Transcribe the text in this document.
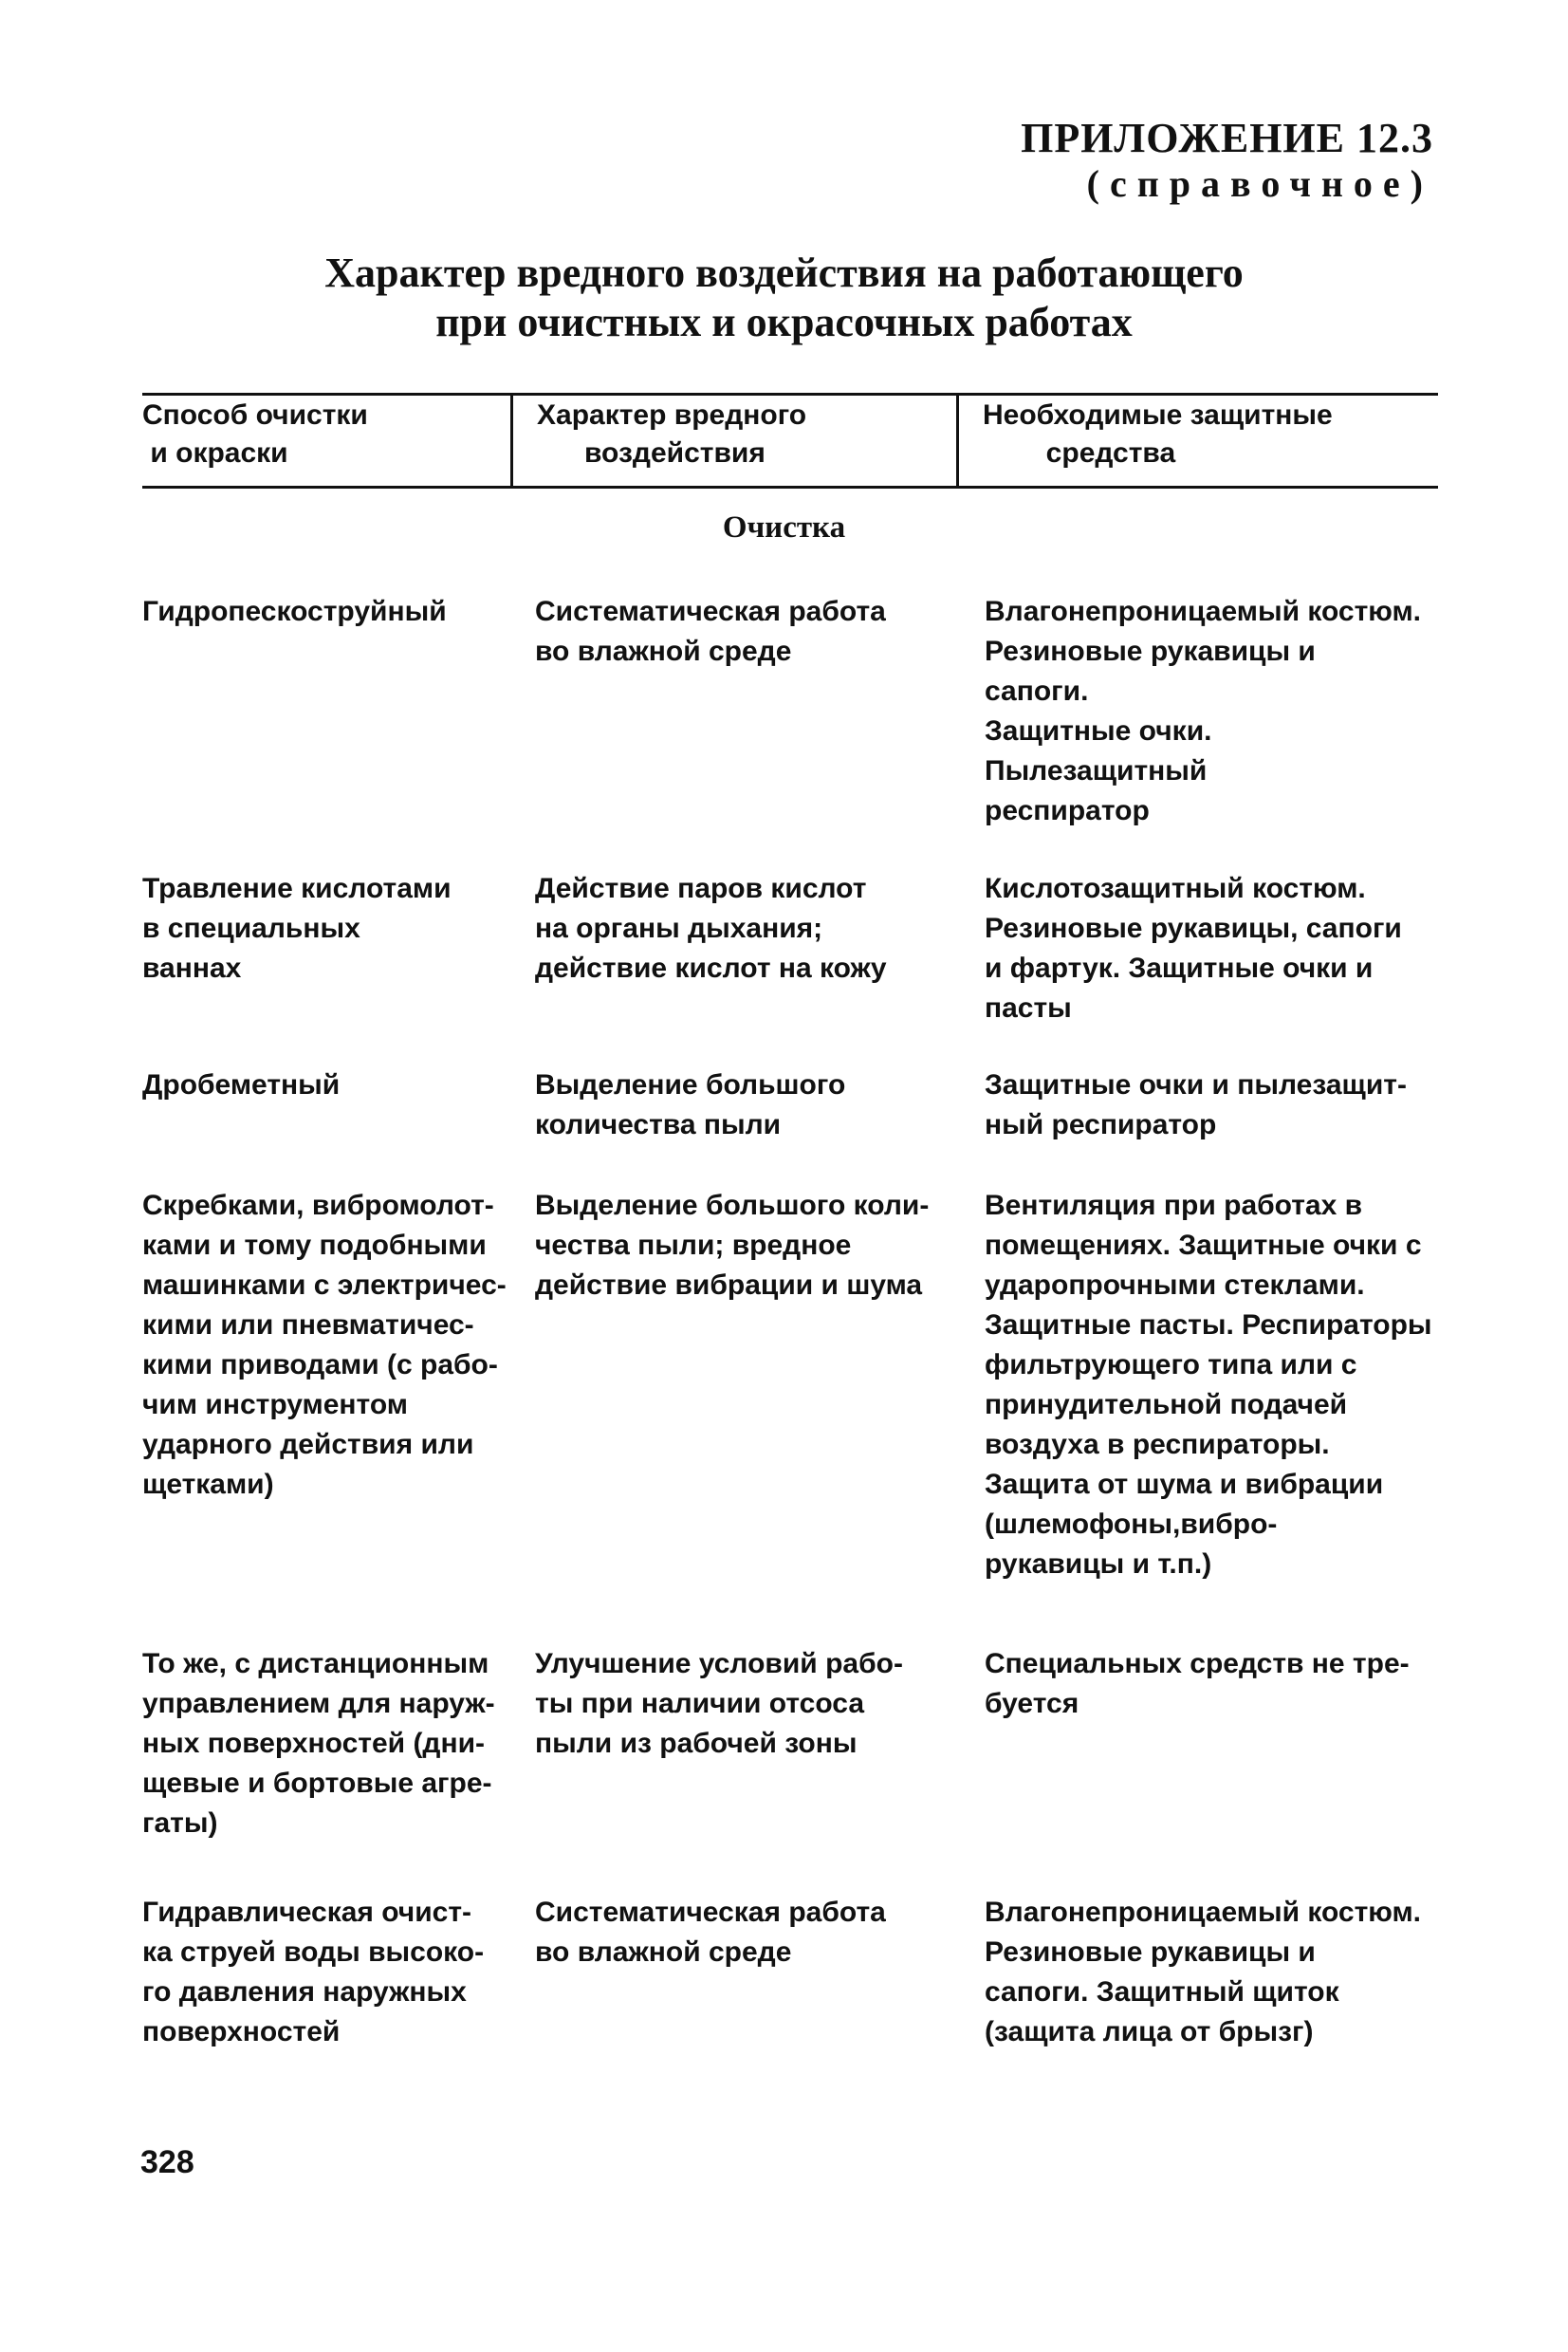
ПРИЛОЖЕНИЕ 12.3
(справочное)
Характер вредного воздействия на работающего
при очистных и окрасочных работах
Способ очистки
и окраски
Характер вредного
воздействия
Необходимые защитные
средства
Очистка
Гидропескоструйный	Систематическая работа
во влажной среде
Влагонепроницаемый костюм.
Резиновые рукавицы и
сапоги.
Защитные очки.
Пылезащитный
респиратор
Травление кислотами
в специальных
ваннах
Действие паров кислот
на органы дыхания;
действие кислот на кожу
Кислотозащитный костюм.
Резиновые рукавицы, сапоги
и фартук. Защитные очки и
пасты
Дробеметный	Выделение большого
количества пыли
Защитные очки и пылезащит-
ный респиратор
Скребками, вибромолот-
ками и тому подобными
машинками с электричес-
кими или пневматичес-
кими приводами (с рабо-
чим инструментом
ударного действия или
щетками)
Выделение большого коли-
чества пыли; вредное
действие вибрации и шума
Вентиляция при работах в
помещениях. Защитные очки с
ударопрочными стеклами.
Защитные пасты. Респираторы
фильтрующего типа или с
принудительной подачей
воздуха в респираторы.
Защита от шума и вибрации
(шлемофоны,вибро-
рукавицы и т.п.)
То же, с дистанционным
управлением для наруж-
ных поверхностей (дни-
щевые и бортовые агре-
гаты)
Улучшение условий рабо-
ты при наличии отсоса
пыли из рабочей зоны
Специальных средств не тре-
буется
Гидравлическая очист-
ка струей воды высоко-
го давления наружных
поверхностей
Систематическая работа
во влажной среде
Влагонепроницаемый костюм.
Резиновые рукавицы и
сапоги. Защитный щиток
(защита лица от брызг)
328
